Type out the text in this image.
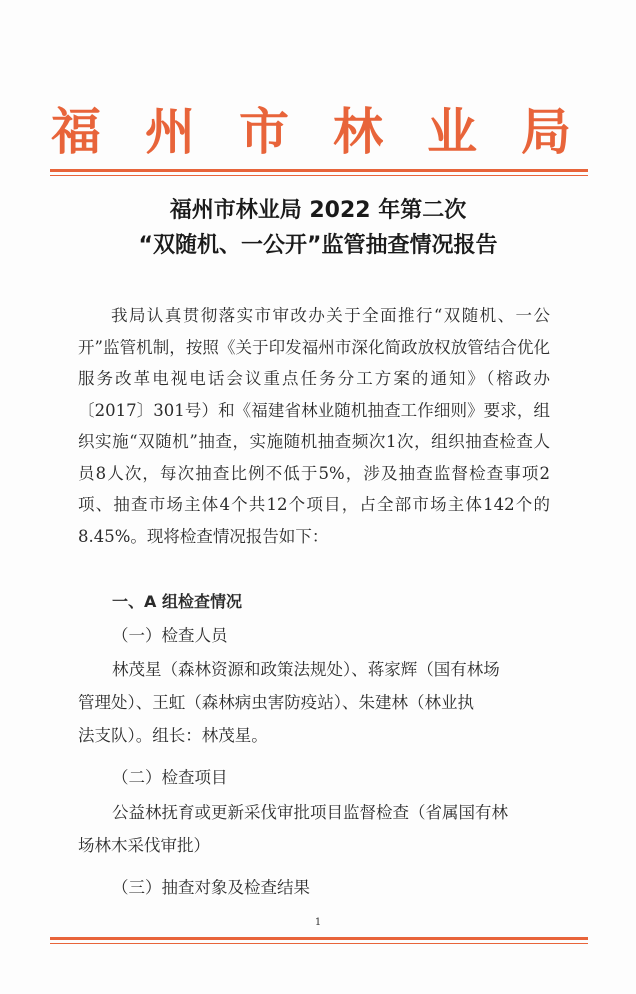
福州市林业局
福州市林业局 2022 年第二次
“双随机、一公开”监管抽查情况报告

我局认真贯彻落实市审改办关于全面推行“双随机、一公开”监管机制，按照《关于印发福州市深化简政放权放管结合优化服务改革电视电话会议重点任务分工方案的通知》（榕政办〔2017〕301号）和《福建省林业随机抽查工作细则》要求，组织实施“双随机”抽查，实施随机抽查频次1次，组织抽查检查人员8人次，每次抽查比例不低于5%，涉及抽查监督检查事项2项、抽查市场主体4个共12个项目，占全部市场主体142个的8.45%。现将检查情况报告如下：

一、A 组检查情况
（一）检查人员
林茂星（森林资源和政策法规处）、蒋家辉（国有林场
管理处）、王虹（森林病虫害防疫站）、朱建林（林业执
法支队）。组长：林茂星。
（二）检查项目
公益林抚育或更新采伐审批项目监督检查（省属国有林
场林木采伐审批）
（三）抽查对象及检查结果
1
